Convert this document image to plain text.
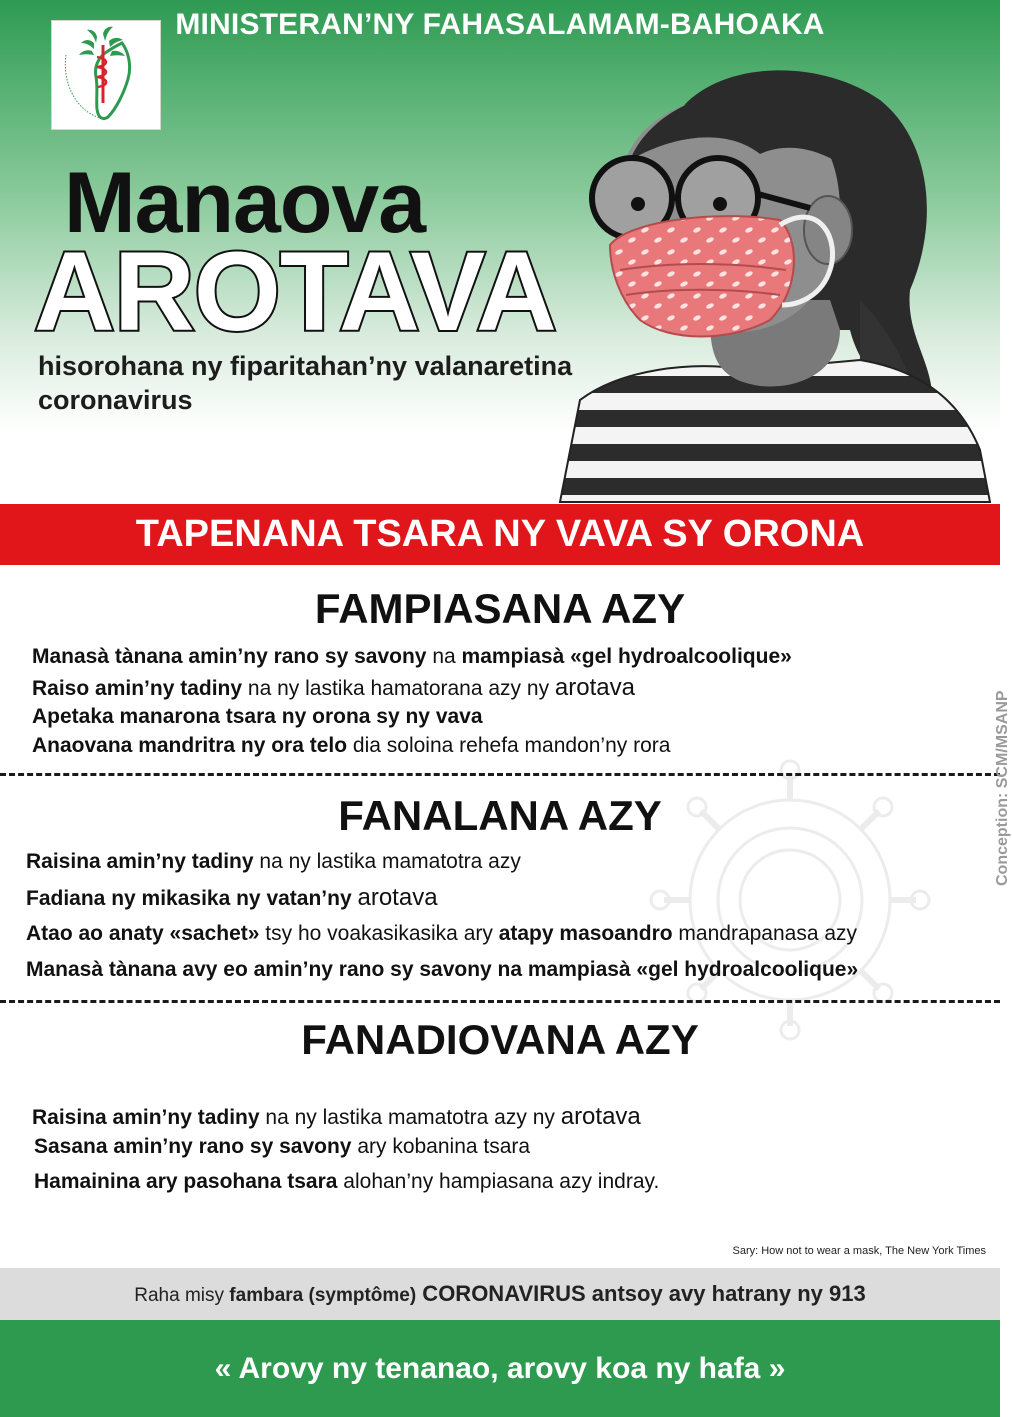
MINISTERAN’NY FAHASALAMAM-BAHOAKA
Manaova
AROTAVA
hisorohana ny fiparitahan’ny valanaretina
coronavirus
TAPENANA TSARA NY VAVA SY ORONA
FAMPIASANA AZY
Manasà tànana amin’ny rano sy savony na mampiasà «gel hydroalcoolique»
Raiso amin’ny tadiny na ny lastika hamatorana azy ny arotava
Apetaka manarona tsara ny orona sy ny vava
Anaovana mandritra ny ora telo dia soloina rehefa mandon’ny rora
FANALANA AZY
Raisina amin’ny tadiny na ny lastika mamatotra azy
Fadiana ny mikasika ny vatan’ny arotava
Atao ao anaty «sachet» tsy ho voakasikasika ary atapy masoandro mandrapanasa azy
Manasà tànana avy eo amin’ny rano sy savony na mampiasà «gel hydroalcoolique»
FANADIOVANA AZY
Raisina amin’ny tadiny na ny lastika mamatotra azy ny arotava
Sasana amin’ny rano sy savony ary kobanina tsara
Hamainina ary pasohana tsara alohan’ny hampiasana azy indray.
Conception: SCM/MSANP
Sary: How not to wear a mask, The New York Times
Raha misy fambara (symptôme) CORONAVIRUS antsoy avy hatrany ny 913
« Arovy ny tenanao, arovy koa ny hafa »
